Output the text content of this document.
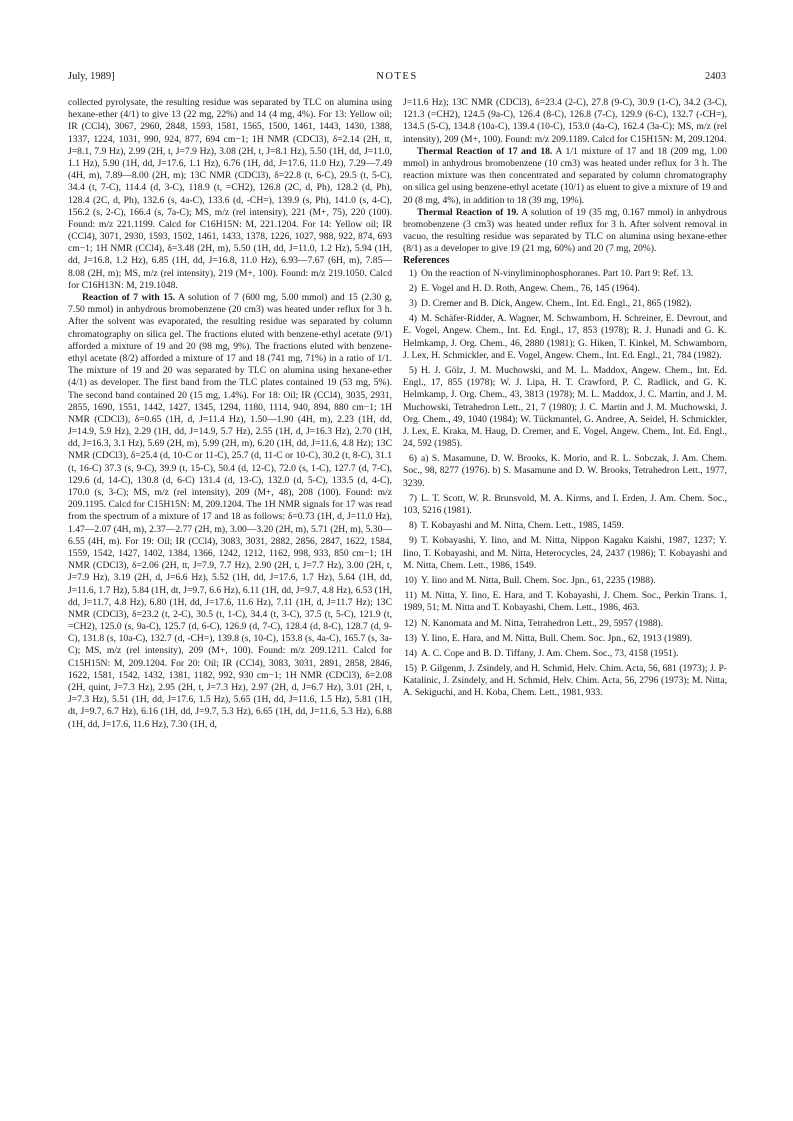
July, 1989]	NOTES	2403

collected pyrolysate, the resulting residue was separated by TLC on alumina using hexane-ether (4/1) to give 13 (22 mg, 22%) and 14 (4 mg, 4%). For 13: Yellow oil; IR (CCl4), 3067, 2960, 2848, 1593, 1581, 1565, 1500, 1461, 1443, 1430, 1388, 1337, 1224, 1031, 990, 924, 877, 694 cm−1; 1H NMR (CDCl3), δ=2.14 (2H, tt, J=8.1, 7.9 Hz), 2.99 (2H, t, J=7.9 Hz), 3.08 (2H, t, J=8.1 Hz), 5.50 (1H, dd, J=11.0, 1.1 Hz), 5.90 (1H, dd, J=17.6, 1.1 Hz), 6.76 (1H, dd, J=17.6, 11.0 Hz), 7.29—7.49 (4H, m), 7.89—8.00 (2H, m); 13C NMR (CDCl3), δ=22.8 (t, 6-C), 29.5 (t, 5-C), 34.4 (t, 7-C), 114.4 (d, 3-C), 118.9 (t, =CH2), 126.8 (2C, d, Ph), 128.2 (d, Ph), 128.4 (2C, d, Ph), 132.6 (s, 4a-C), 133.6 (d, -CH=), 139.9 (s, Ph), 141.0 (s, 4-C), 156.2 (s, 2-C), 166.4 (s, 7a-C); MS, m/z (rel intensity), 221 (M+, 75), 220 (100). Found: m/z 221.1199. Calcd for C16H15N: M, 221.1204. For 14: Yellow oil; IR (CCl4), 3071, 2930, 1593, 1502, 1461, 1433, 1378, 1226, 1027, 988, 922, 874, 693 cm−1; 1H NMR (CCl4), δ=3.48 (2H, m), 5.50 (1H, dd, J=11.0, 1.2 Hz), 5.94 (1H, dd, J=16.8, 1.2 Hz), 6.85 (1H, dd, J=16.8, 11.0 Hz), 6.93—7.67 (6H, m), 7.85—8.08 (2H, m); MS, m/z (rel intensity), 219 (M+, 100). Found: m/z 219.1050. Calcd for C16H13N: M, 219.1048.

Reaction of 7 with 15. A solution of 7 (600 mg, 5.00 mmol) and 15 (2.30 g, 7.50 mmol) in anhydrous bromobenzene (20 cm3) was heated under reflux for 3 h. After the solvent was evaporated, the resulting residue was separated by column chromatography on silica gel. The fractions eluted with benzene-ethyl acetate (9/1) afforded a mixture of 19 and 20 (98 mg, 9%). The fractions eluted with benzene-ethyl acetate (8/2) afforded a mixture of 17 and 18 (741 mg, 71%) in a ratio of 1/1. The mixture of 19 and 20 was separated by TLC on alumina using hexane-ether (4/1) as developer. The first band from the TLC plates contained 19 (53 mg, 5%). The second band contained 20 (15 mg, 1.4%). For 18: Oil; IR (CCl4), 3035, 2931, 2855, 1690, 1551, 1442, 1427, 1345, 1294, 1180, 1114, 940, 894, 880 cm−1; 1H NMR (CDCl3), δ=0.65 (1H, d, J=11.4 Hz), 1.50—1.90 (4H, m), 2.23 (1H, dd, J=14.9, 5.9 Hz), 2.29 (1H, dd, J=14.9, 5.7 Hz), 2.55 (1H, d, J=16.3 Hz), 2.70 (1H, dd, J=16.3, 3.1 Hz), 5.69 (2H, m), 5.99 (2H, m), 6.20 (1H, dd, J=11.6, 4.8 Hz); 13C NMR (CDCl3), δ=25.4 (d, 10-C or 11-C), 25.7 (d, 11-C or 10-C), 30.2 (t, 8-C), 31.1 (t, 16-C) 37.3 (s, 9-C), 39.9 (t, 15-C), 50.4 (d, 12-C), 72.0 (s, 1-C), 127.7 (d, 7-C), 129.6 (d, 14-C), 130.8 (d, 6-C) 131.4 (d, 13-C), 132.0 (d, 5-C), 133.5 (d, 4-C), 170.0 (s, 3-C); MS, m/z (rel intensity), 209 (M+, 48), 208 (100). Found: m/z 209.1195. Calcd for C15H15N: M, 209.1204. The 1H NMR signals for 17 was read from the spectrum of a mixture of 17 and 18 as follows: δ=0.73 (1H, d, J=11.0 Hz), 1.47—2.07 (4H, m), 2.37—2.77 (2H, m), 3.00—3.20 (2H, m), 5.71 (2H, m), 5.30—6.55 (4H, m). For 19: Oil; IR (CCl4), 3083, 3031, 2882, 2856, 2847, 1622, 1584, 1559, 1542, 1427, 1402, 1384, 1366, 1242, 1212, 1162, 998, 933, 850 cm−1; 1H NMR (CDCl3), δ=2.06 (2H, tt, J=7.9, 7.7 Hz), 2.90 (2H, t, J=7.7 Hz), 3.00 (2H, t, J=7.9 Hz), 3.19 (2H, d, J=6.6 Hz), 5.52 (1H, dd, J=17.6, 1.7 Hz), 5.64 (1H, dd, J=11.6, 1.7 Hz), 5.84 (1H, dt, J=9.7, 6.6 Hz), 6.11 (1H, dd, J=9.7, 4.8 Hz), 6.53 (1H, dd, J=11.7, 4.8 Hz), 6.80 (1H, dd, J=17.6, 11.6 Hz), 7.11 (1H, d, J=11.7 Hz); 13C NMR (CDCl3), δ=23.2 (t, 2-C), 30.5 (t, 1-C), 34.4 (t, 3-C), 37.5 (t, 5-C), 121.9 (t, =CH2), 125.0 (s, 9a-C), 125.7 (d, 6-C), 126.9 (d, 7-C), 128.4 (d, 8-C), 128.7 (d, 9-C), 131.8 (s, 10a-C), 132.7 (d, -CH=), 139.8 (s, 10-C), 153.8 (s, 4a-C), 165.7 (s, 3a-C); MS, m/z (rel intensity), 209 (M+, 100). Found: m/z 209.1211. Calcd for C15H15N: M, 209.1204. For 20: Oil; IR (CCl4), 3083, 3031, 2891, 2858, 2846, 1622, 1581, 1542, 1432, 1381, 1182, 992, 930 cm−1; 1H NMR (CDCl3), δ=2.08 (2H, quint, J=7.3 Hz), 2.95 (2H, t, J=7.3 Hz), 2.97 (2H, d, J=6.7 Hz), 3.01 (2H, t, J=7.3 Hz), 5.51 (1H, dd, J=17.6, 1.5 Hz), 5.65 (1H, dd, J=11.6, 1.5 Hz), 5.81 (1H, dt, J=9.7, 6.7 Hz), 6.16 (1H, dd, J=9.7, 5.3 Hz), 6.65 (1H, dd, J=11.6, 5.3 Hz), 6.88 (1H, dd, J=17.6, 11.6 Hz), 7.30 (1H, d,

J=11.6 Hz); 13C NMR (CDCl3), δ=23.4 (2-C), 27.8 (9-C), 30.9 (1-C), 34.2 (3-C), 121.3 (=CH2), 124.5 (9a-C), 126.4 (8-C), 126.8 (7-C), 129.9 (6-C), 132.7 (-CH=), 134.5 (5-C), 134.8 (10a-C), 139.4 (10-C), 153.0 (4a-C), 162.4 (3a-C); MS, m/z (rel intensity), 209 (M+, 100). Found: m/z 209.1189. Calcd for C15H15N: M, 209.1204.

Thermal Reaction of 17 and 18. A 1/1 mixture of 17 and 18 (209 mg, 1.00 mmol) in anhydrous bromobenzene (10 cm3) was heated under reflux for 3 h. The reaction mixture was then concentrated and separated by column chromatography on silica gel using benzene-ethyl acetate (10/1) as eluent to give a mixture of 19 and 20 (8 mg, 4%), in addition to 18 (39 mg, 19%).

Thermal Reaction of 19. A solution of 19 (35 mg, 0.167 mmol) in anhydrous bromobenzene (3 cm3) was heated under reflux for 3 h. After solvent removal in vacuo, the resulting residue was separated by TLC on alumina using hexane-ether (8/1) as a developer to give 19 (21 mg, 60%) and 20 (7 mg, 20%).

References

1) On the reaction of N-vinyliminophosphoranes. Part 10. Part 9: Ref. 13.
2) E. Vogel and H. D. Roth, Angew. Chem., 76, 145 (1964).
3) D. Cremer and B. Dick, Angew. Chem., Int. Ed. Engl., 21, 865 (1982).
4) M. Schäfer-Ridder, A. Wagner, M. Schwamborn, H. Schreiner, E. Devrout, and E. Vogel, Angew. Chem., Int. Ed. Engl., 17, 853 (1978); R. J. Hunadi and G. K. Helmkamp, J. Org. Chem., 46, 2880 (1981); G. Hiken, T. Kinkel, M. Schwamborn, J. Lex, H. Schmickler, and E. Vogel, Angew. Chem., Int. Ed. Engl., 21, 784 (1982).
5) H. J. Gölz, J. M. Muchowski, and M. L. Maddox, Angew. Chem., Int. Ed. Engl., 17, 855 (1978); W. J. Lipa, H. T. Crawford, P. C. Radlick, and G. K. Helmkamp, J. Org. Chem., 43, 3813 (1978); M. L. Maddox, J. C. Martin, and J. M. Muchowski, Tetrahedron Lett., 21, 7 (1980); J. C. Martin and J. M. Muchowski, J. Org. Chem., 49, 1040 (1984); W. Tückmantel, G. Andree, A. Seidel, H. Schmickler, J. Lex, E. Kraka, M. Haug, D. Cremer, and E. Vogel, Angew. Chem., Int. Ed. Engl., 24, 592 (1985).
6) a) S. Masamune, D. W. Brooks, K. Morio, and R. L. Sobczak, J. Am. Chem. Soc., 98, 8277 (1976). b) S. Masamune and D. W. Brooks, Tetrahedron Lett., 1977, 3239.
7) L. T. Scott, W. R. Brunsvold, M. A. Kirms, and I. Erden, J. Am. Chem. Soc., 103, 5216 (1981).
8) T. Kobayashi and M. Nitta, Chem. Lett., 1985, 1459.
9) T. Kobayashi, Y. Iino, and M. Nitta, Nippon Kagaku Kaishi, 1987, 1237; Y. Iino, T. Kobayashi, and M. Nitta, Heterocycles, 24, 2437 (1986); T. Kobayashi and M. Nitta, Chem. Lett., 1986, 1549.
10) Y. Iino and M. Nitta, Bull. Chem. Soc. Jpn., 61, 2235 (1988).
11) M. Nitta, Y. Iino, E. Hara, and T. Kobayashi, J. Chem. Soc., Perkin Trans. 1, 1989, 51; M. Nitta and T. Kobayashi, Chem. Lett., 1986, 463.
12) N. Kanomata and M. Nitta, Tetrahedron Lett., 29, 5957 (1988).
13) Y. Iino, E. Hara, and M. Nitta, Bull. Chem. Soc. Jpn., 62, 1913 (1989).
14) A. C. Cope and B. D. Tiffany, J. Am. Chem. Soc., 73, 4158 (1951).
15) P. Gilgenm, J. Zsindely, and H. Schmid, Helv. Chim. Acta, 56, 681 (1973); J. P-Katalinic, J. Zsindely, and H. Schmid, Helv. Chim. Acta, 56, 2796 (1973); M. Nitta, A. Sekiguchi, and H. Koba, Chem. Lett., 1981, 933.
